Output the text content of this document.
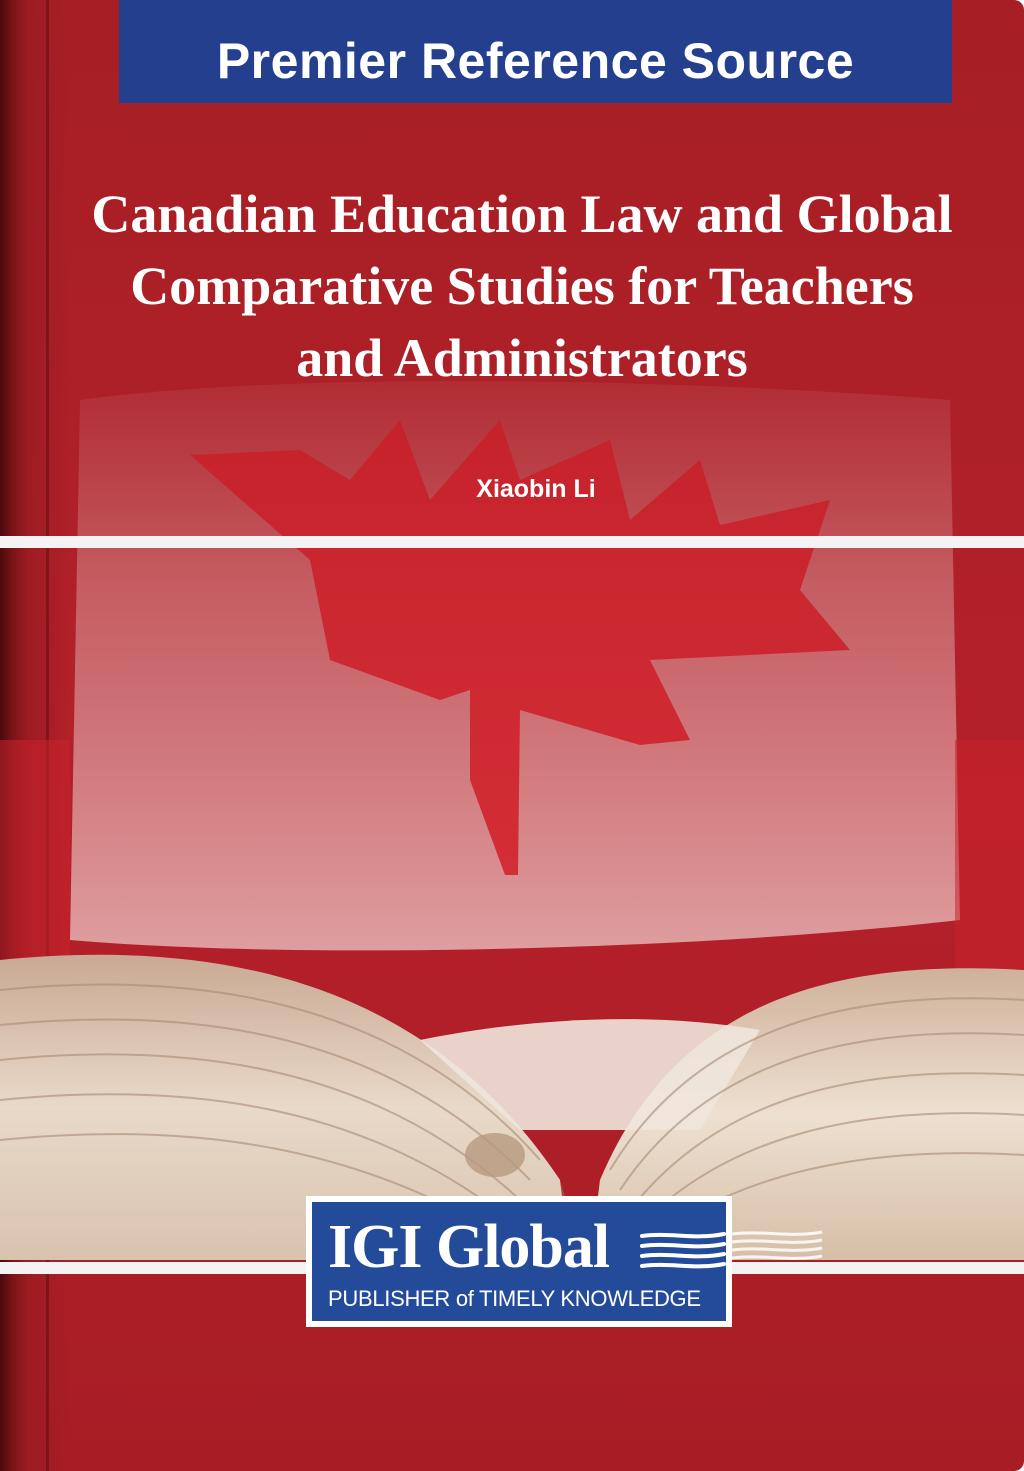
Premier Reference Source
Canadian Education Law and Global
Comparative Studies for Teachers
and Administrators
Xiaobin Li
IGI Global
PUBLISHER of TIMELY KNOWLEDGE
